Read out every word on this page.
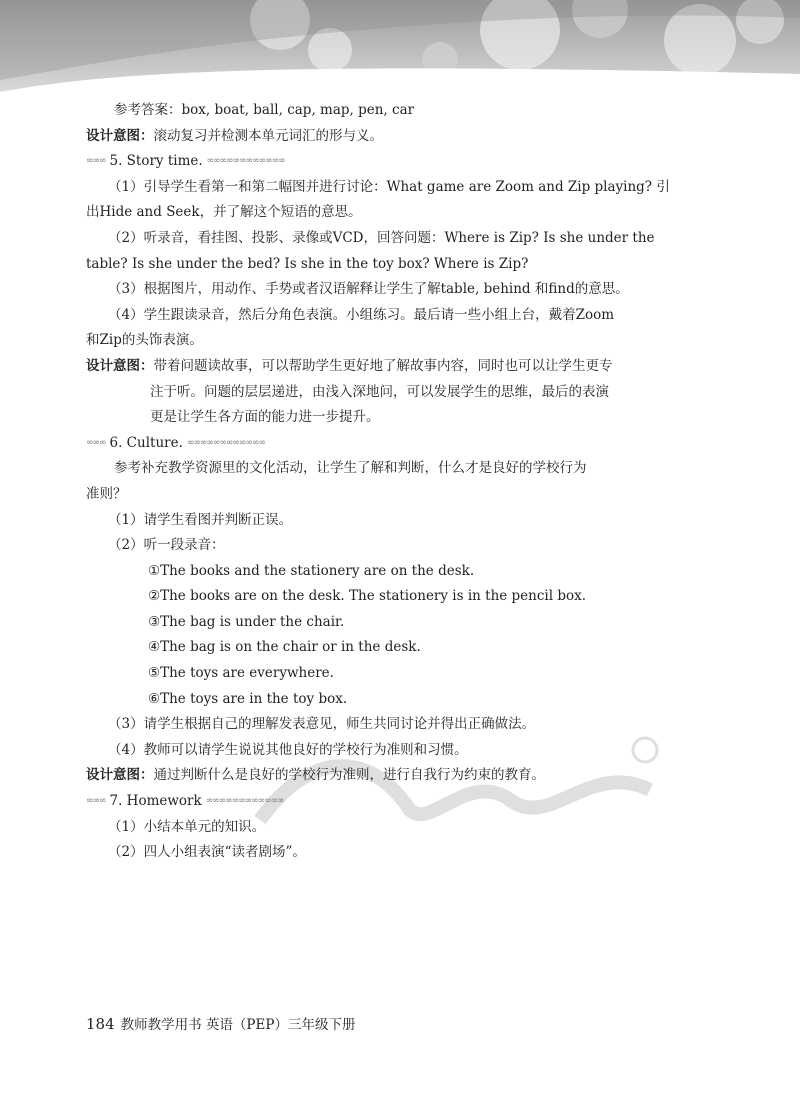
参考答案：box, boat, ball, cap, map, pen, car
设计意图：滚动复习并检测本单元词汇的形与义。
∞∞∞ 5. Story time. ∞∞∞∞∞∞∞∞∞∞∞∞
（1）引导学生看第一和第二幅图并进行讨论：What game are Zoom and Zip playing? 引
出Hide and Seek，并了解这个短语的意思。
（2）听录音，看挂图、投影、录像或VCD，回答问题：Where is Zip? Is she under the
table? Is she under the bed? Is she in the toy box? Where is Zip?
（3）根据图片，用动作、手势或者汉语解释让学生了解table, behind 和find的意思。
（4）学生跟读录音，然后分角色表演。小组练习。最后请一些小组上台，戴着Zoom
和Zip的头饰表演。
设计意图：带着问题读故事，可以帮助学生更好地了解故事内容，同时也可以让学生更专
注于听。问题的层层递进，由浅入深地问，可以发展学生的思维，最后的表演
更是让学生各方面的能力进一步提升。
∞∞∞ 6. Culture. ∞∞∞∞∞∞∞∞∞∞∞∞
参考补充教学资源里的文化活动，让学生了解和判断，什么才是良好的学校行为
准则？
（1）请学生看图并判断正误。
（2）听一段录音：
①The books and the stationery are on the desk.
②The books are on the desk. The stationery is in the pencil box.
③The bag is under the chair.
④The bag is on the chair or in the desk.
⑤The toys are everywhere.
⑥The toys are in the toy box.
（3）请学生根据自己的理解发表意见，师生共同讨论并得出正确做法。
（4）教师可以请学生说说其他良好的学校行为准则和习惯。
设计意图：通过判断什么是良好的学校行为准则，进行自我行为约束的教育。
∞∞∞ 7. Homework ∞∞∞∞∞∞∞∞∞∞∞∞
（1）小结本单元的知识。
（2）四人小组表演“读者剧场”。
184 教师教学用书 英语（PEP）三年级下册
